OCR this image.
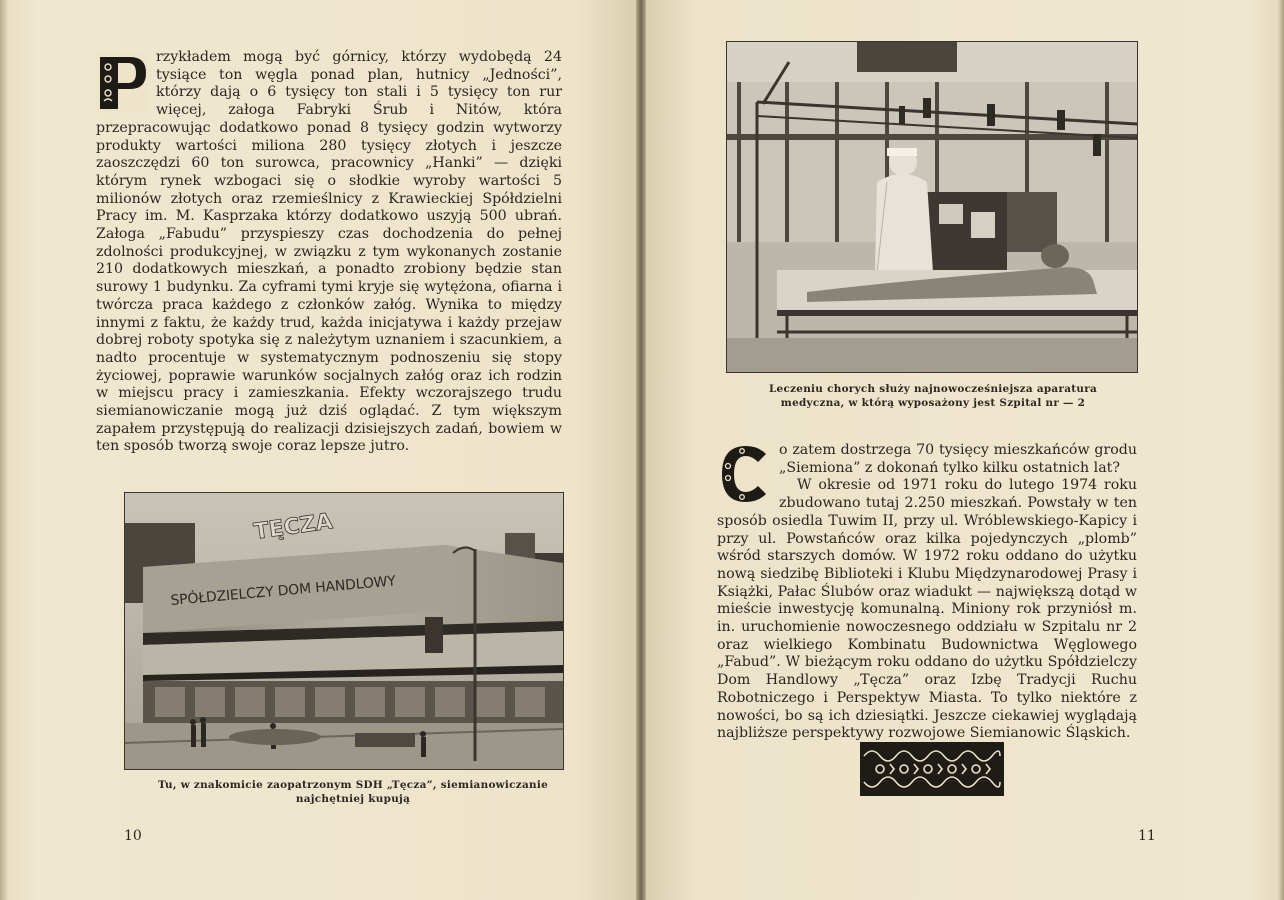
P

rzykładem mogą być górnicy, którzy wydobędą 24 tysiące ton węgla ponad plan, hutnicy „Jedności”, którzy dają o 6 tysięcy ton stali i 5 tysięcy ton rur więcej, załoga Fabryki Śrub i Nitów, która przepracowując dodatkowo ponad 8 tysięcy godzin wytworzy produkty wartości miliona 280 tysięcy złotych i jeszcze zaoszczędzi 60 ton surowca, pracownicy „Hanki” — dzięki którym rynek wzbogaci się o słodkie wyroby wartości 5 milionów złotych oraz rzemieślnicy z Krawieckiej Spółdzielni Pracy im. M. Kasprzaka którzy dodatkowo uszyją 500 ubrań. Załoga „Fabudu” przyspieszy czas dochodzenia do pełnej zdolności produkcyjnej, w związku z tym wykonanych zostanie 210 dodatkowych mieszkań, a ponadto zrobiony będzie stan surowy 1 budynku. Za cyframi tymi kryje się wytężona, ofiarna i twórcza praca każdego z członków załóg. Wynika to między innymi z faktu, że każdy trud, każda inicjatywa i każdy przejaw dobrej roboty spotyka się z należytym uznaniem i szacunkiem, a nadto procentuje w systematycznym podnoszeniu się stopy życiowej, poprawie warunków socjalnych załóg oraz ich rodzin w miejscu pracy i zamieszkania. Efekty wczorajszego trudu siemianowiczanie mogą już dziś oglądać. Z tym większym zapałem przystępują do realizacji dzisiejszych zadań, bowiem w ten sposób tworzą swoje coraz lepsze jutro.

TĘCZA
SPÓŁDZIELCZY DOM HANDLOWY
Tu, w znakomicie zaopatrzonym SDH „Tęcza”, siemianowiczanie najchętniej kupują
10
Leczeniu chorych służy najnowocześniejsza aparatura medyczna, w którą wyposażony jest Szpital nr — 2
C

o zatem dostrzega 70 tysięcy mieszkańców grodu „Siemiona” z dokonań tylko kilku ostatnich lat?

W okresie od 1971 roku do lutego 1974 roku zbudowano tutaj 2.250 mieszkań. Powstały w ten sposób osiedla Tuwim II, przy ul. Wróblewskiego-Kapicy i przy ul. Powstańców oraz kilka pojedynczych „plomb” wśród starszych domów. W 1972 roku oddano do użytku nową siedzibę Biblioteki i Klubu Międzynarodowej Prasy i Książki, Pałac Ślubów oraz wiadukt — największą dotąd w mieście inwestycję komunalną. Miniony rok przyniósł m. in. uruchomienie nowoczesnego oddziału w Szpitalu nr 2 oraz wielkiego Kombinatu Budownictwa Węglowego „Fabud”. W bieżącym roku oddano do użytku Spółdzielczy Dom Handlowy „Tęcza” oraz Izbę Tradycji Ruchu Robotniczego i Perspektyw Miasta. To tylko niektóre z nowości, bo są ich dziesiątki. Jeszcze ciekawiej wyglądają najbliższe perspektywy rozwojowe Siemianowic Śląskich.

11
